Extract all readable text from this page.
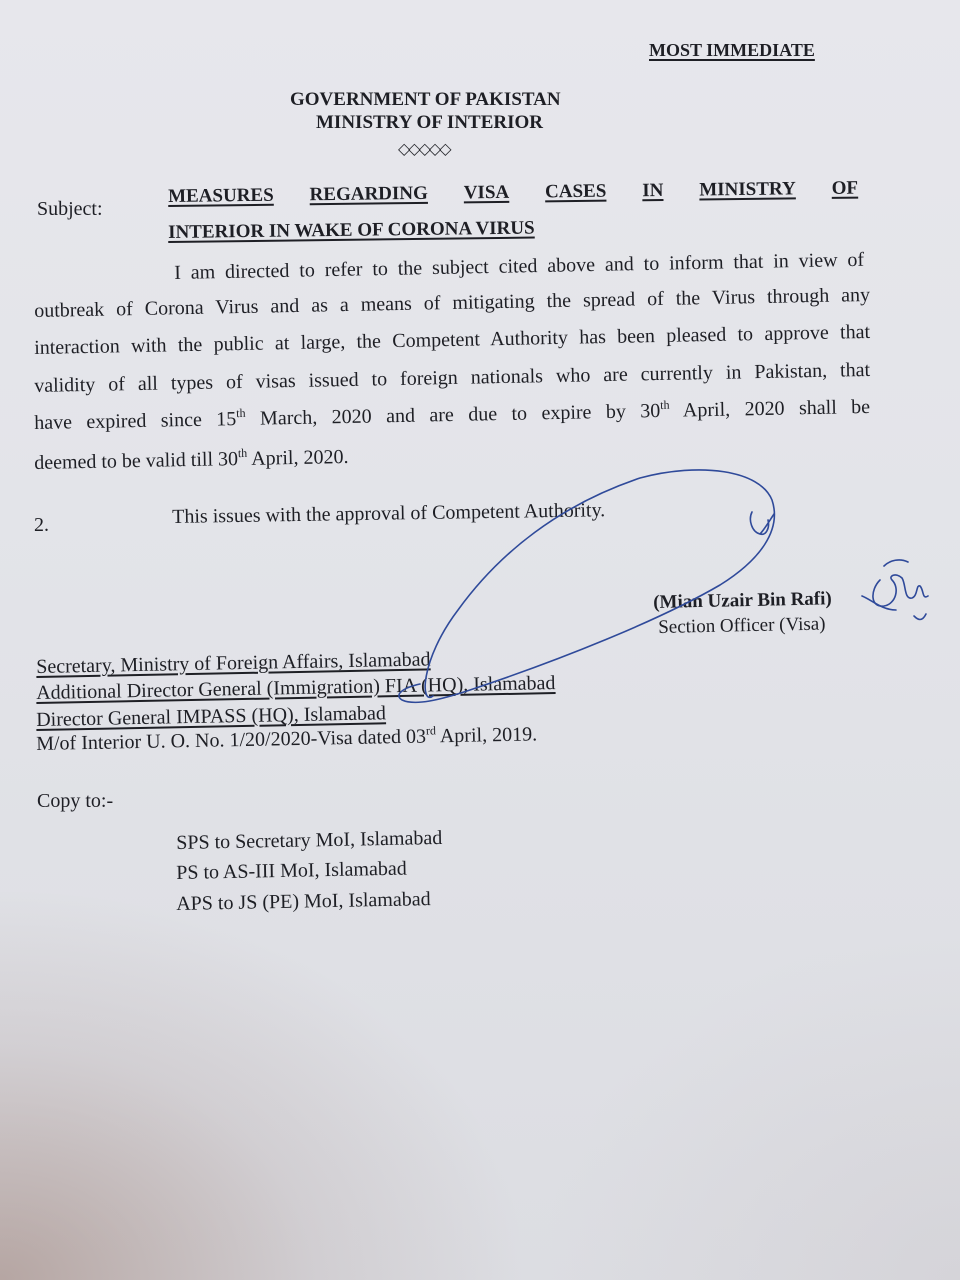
MOST IMMEDIATE
GOVERNMENT OF PAKISTAN
MINISTRY OF INTERIOR
◇◇◇◇◇
Subject:
MEASURES REGARDING VISA CASES IN MINISTRY OF
INTERIOR IN WAKE OF CORONA VIRUS
I am directed to refer to the subject cited above and to inform that in view of
outbreak of Corona Virus and as a means of mitigating the spread of the Virus through any
interaction with the public at large, the Competent Authority has been pleased to approve that
validity of all types of visas issued to foreign nationals who are currently in Pakistan, that
have expired since 15th March, 2020 and are due to expire by 30th April, 2020 shall be
deemed to be valid till 30th April, 2020.
2.	This issues with the approval of Competent Authority.
(Mian Uzair Bin Rafi)
Section Officer (Visa)
Secretary, Ministry of Foreign Affairs, Islamabad
Additional Director General (Immigration) FIA (HQ), Islamabad
Director General IMPASS (HQ), Islamabad
M/of Interior U. O. No. 1/20/2020-Visa dated 03rd April, 2019.
Copy to:-
SPS to Secretary MoI, Islamabad
PS to AS-III MoI, Islamabad
APS to JS (PE) MoI, Islamabad
